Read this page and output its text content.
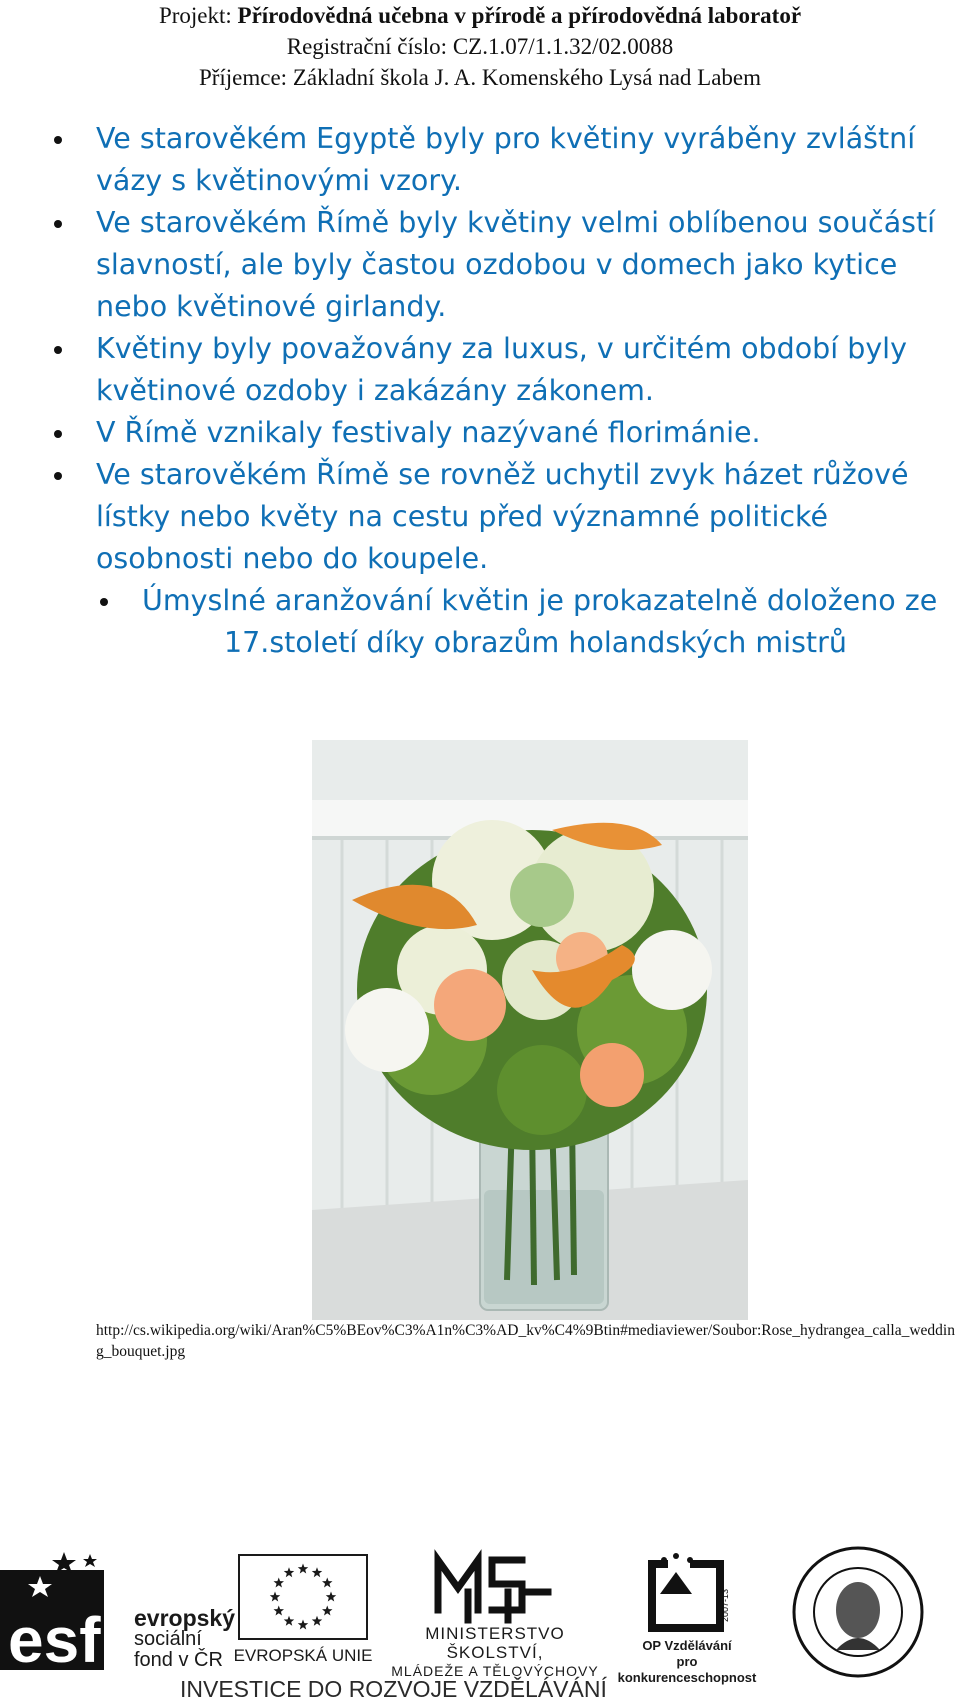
Projekt: Přírodovědná učebna v přírodě a přírodovědná laboratoř
Registrační číslo: CZ.1.07/1.1.32/02.0088
Příjemce: Základní škola J. A. Komenského Lysá nad Labem
Ve starověkém Egyptě byly pro květiny vyráběny zvláštní vázy s květinovými vzory.
Ve starověkém Římě byly květiny velmi oblíbenou součástí slavností, ale byly častou ozdobou v domech jako kytice nebo květinové girlandy.
Květiny byly považovány za luxus, v určitém období byly květinové ozdoby i zakázány zákonem.
V Římě vznikaly festivaly nazývané florimánie.
Ve starověkém Římě se rovněž uchytil zvyk házet růžové lístky nebo květy na cestu před významné politické osobnosti nebo do koupele.
Úmyslné aranžování květin je prokazatelně doloženo ze
17.století díky obrazům holandských mistrů
http://cs.wikipedia.org/wiki/Aran%C5%BEov%C3%A1n%C3%AD_kv%C4%9Btin#mediaviewer/Soubor:Rose_hydrangea_calla_wedding_bouquet.jpg
esf evropský
sociální
fond v ČR EVROPSKÁ UNIE
MINISTERSTVO ŠKOLSTVÍ,
MLÁDEŽE A TĚLOVÝCHOVY
2007-13
OP Vzdělávání
pro konkurenceschopnost
INVESTICE DO ROZVOJE VZDĚLÁVÁNÍ
